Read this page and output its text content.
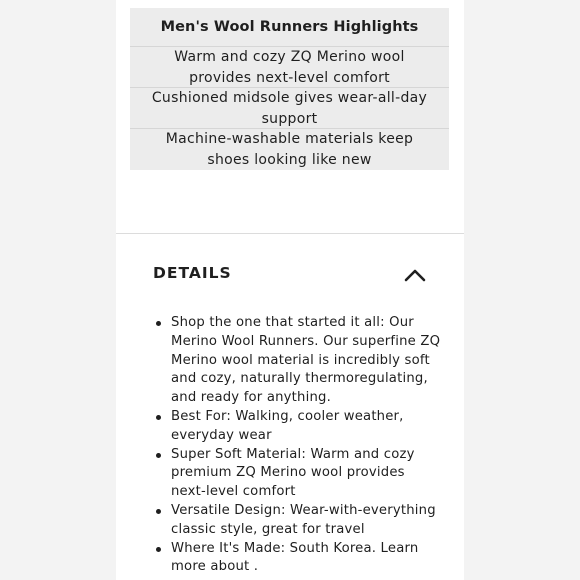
Men's Wool Runners Highlights
Warm and cozy ZQ Merino wool
provides next-level comfort
Cushioned midsole gives wear-all-day
support
Machine-washable materials keep
shoes looking like new
DETAILS
Shop the one that started it all: Our
Merino Wool Runners. Our superfine ZQ
Merino wool material is incredibly soft
and cozy, naturally thermoregulating,
and ready for anything.
Best For: Walking, cooler weather,
everyday wear
Super Soft Material: Warm and cozy
premium ZQ Merino wool provides
next-level comfort
Versatile Design: Wear-with-everything
classic style, great for travel
Where It's Made: South Korea. Learn
more about .
